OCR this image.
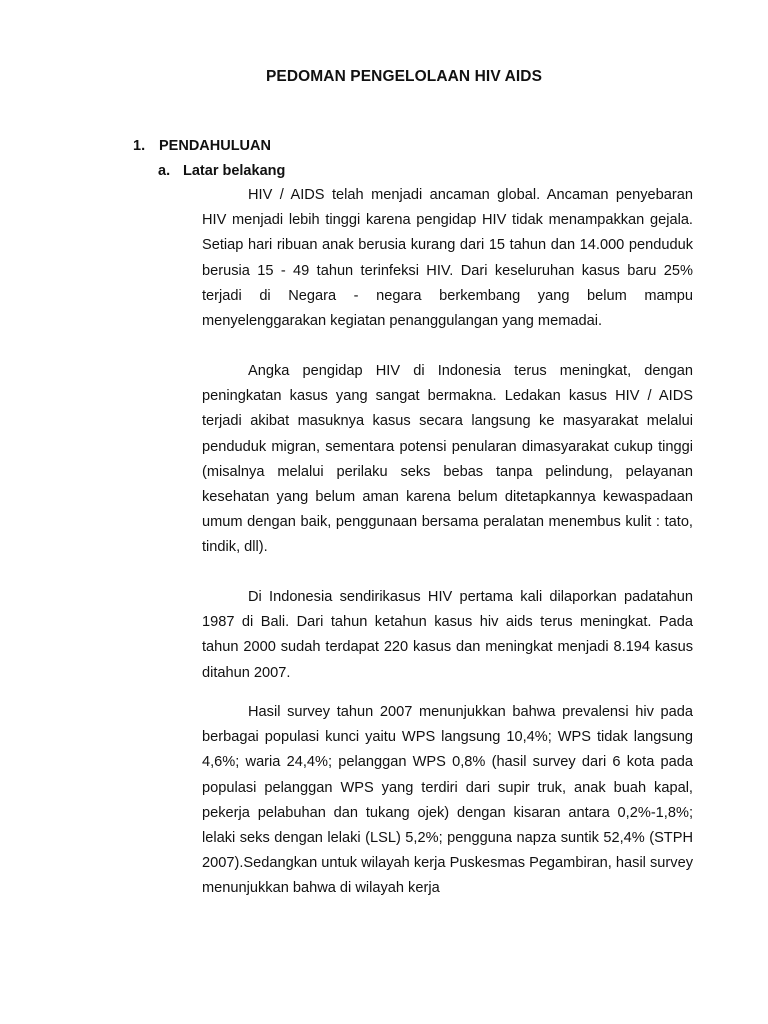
PEDOMAN PENGELOLAAN HIV AIDS
1. PENDAHULUAN
a. Latar belakang

HIV / AIDS telah menjadi ancaman global. Ancaman penyebaran HIV menjadi lebih tinggi karena pengidap HIV tidak menampakkan gejala. Setiap hari ribuan anak berusia kurang dari 15 tahun dan 14.000 penduduk berusia 15 - 49 tahun terinfeksi HIV. Dari keseluruhan kasus baru 25% terjadi di Negara - negara berkembang yang belum mampu menyelenggarakan kegiatan penanggulangan yang memadai.

Angka pengidap HIV di Indonesia terus meningkat, dengan peningkatan kasus yang sangat bermakna. Ledakan kasus HIV / AIDS terjadi akibat masuknya kasus secara langsung ke masyarakat melalui penduduk migran, sementara potensi penularan dimasyarakat cukup tinggi (misalnya melalui perilaku seks bebas tanpa pelindung, pelayanan kesehatan yang belum aman karena belum ditetapkannya kewaspadaan umum dengan baik, penggunaan bersama peralatan menembus kulit : tato, tindik, dll).

Di Indonesia sendirikasus HIV pertama kali dilaporkan padatahun 1987 di Bali. Dari tahun ketahun kasus hiv aids terus meningkat. Pada tahun 2000 sudah terdapat 220 kasus dan meningkat menjadi 8.194 kasus ditahun 2007.

Hasil survey tahun 2007 menunjukkan bahwa prevalensi hiv pada berbagai populasi kunci yaitu WPS langsung 10,4%; WPS tidak langsung 4,6%; waria 24,4%; pelanggan WPS 0,8% (hasil survey dari 6 kota pada populasi pelanggan WPS yang terdiri dari supir truk, anak buah kapal, pekerja pelabuhan dan tukang ojek) dengan kisaran antara 0,2%-1,8%; lelaki seks dengan lelaki (LSL) 5,2%; pengguna napza suntik 52,4% (STPH 2007).Sedangkan untuk wilayah kerja Puskesmas Pegambiran, hasil survey menunjukkan bahwa di wilayah kerja
